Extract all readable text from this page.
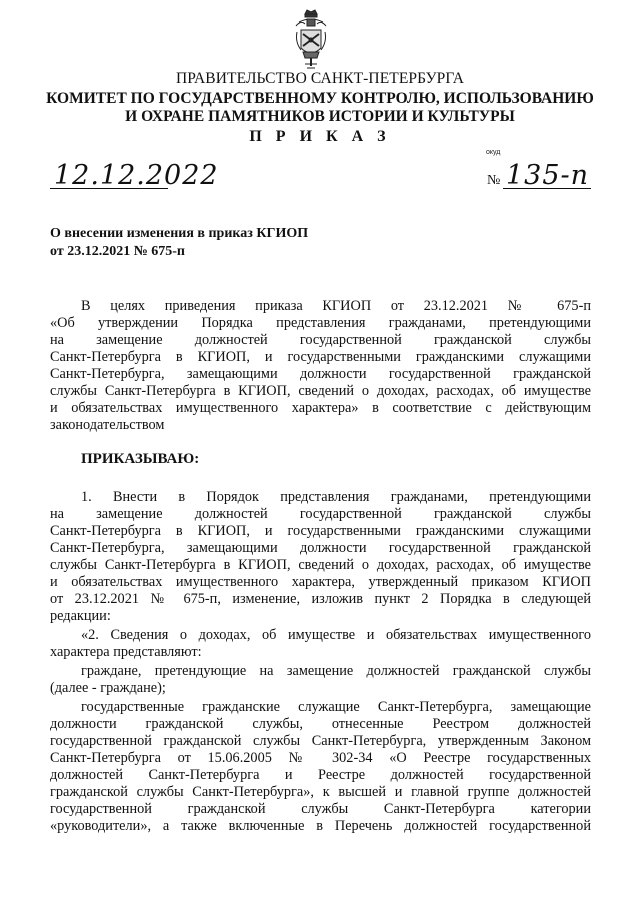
ПРАВИТЕЛЬСТВО САНКТ-ПЕТЕРБУРГА
КОМИТЕТ ПО ГОСУДАРСТВЕННОМУ КОНТРОЛЮ, ИСПОЛЬЗОВАНИЮ
И ОХРАНЕ ПАМЯТНИКОВ ИСТОРИИ И КУЛЬТУРЫ
П Р И К А З
окуд
12.12.2022	№ 135-п
О внесении изменения в приказ КГИОП
от 23.12.2021 № 675-п
В целях приведения приказа КГИОП от 23.12.2021 № 675-п
«Об утверждении Порядка представления гражданами, претендующими
на замещение должностей государственной гражданской службы
Санкт-Петербурга в КГИОП, и государственными гражданскими служащими
Санкт-Петербурга, замещающими должности государственной гражданской
службы Санкт-Петербурга в КГИОП, сведений о доходах, расходах, об имуществе
и обязательствах имущественного характера» в соответствие с действующим
законодательством
ПРИКАЗЫВАЮ:
1. Внести в Порядок представления гражданами, претендующими
на замещение должностей государственной гражданской службы
Санкт-Петербурга в КГИОП, и государственными гражданскими служащими
Санкт-Петербурга, замещающими должности государственной гражданской
службы Санкт-Петербурга в КГИОП, сведений о доходах, расходах, об имуществе
и обязательствах имущественного характера, утвержденный приказом КГИОП
от 23.12.2021 № 675-п, изменение, изложив пункт 2 Порядка в следующей
редакции:
«2. Сведения о доходах, об имуществе и обязательствах имущественного
характера представляют:
граждане, претендующие на замещение должностей гражданской службы
(далее - граждане);
государственные гражданские служащие Санкт-Петербурга, замещающие
должности гражданской службы, отнесенные Реестром должностей
государственной гражданской службы Санкт-Петербурга, утвержденным Законом
Санкт-Петербурга от 15.06.2005 № 302-34 «О Реестре государственных
должностей Санкт-Петербурга и Реестре должностей государственной
гражданской службы Санкт-Петербурга», к высшей и главной группе должностей
государственной гражданской службы Санкт-Петербурга категории
«руководители», а также включенные в Перечень должностей государственной
